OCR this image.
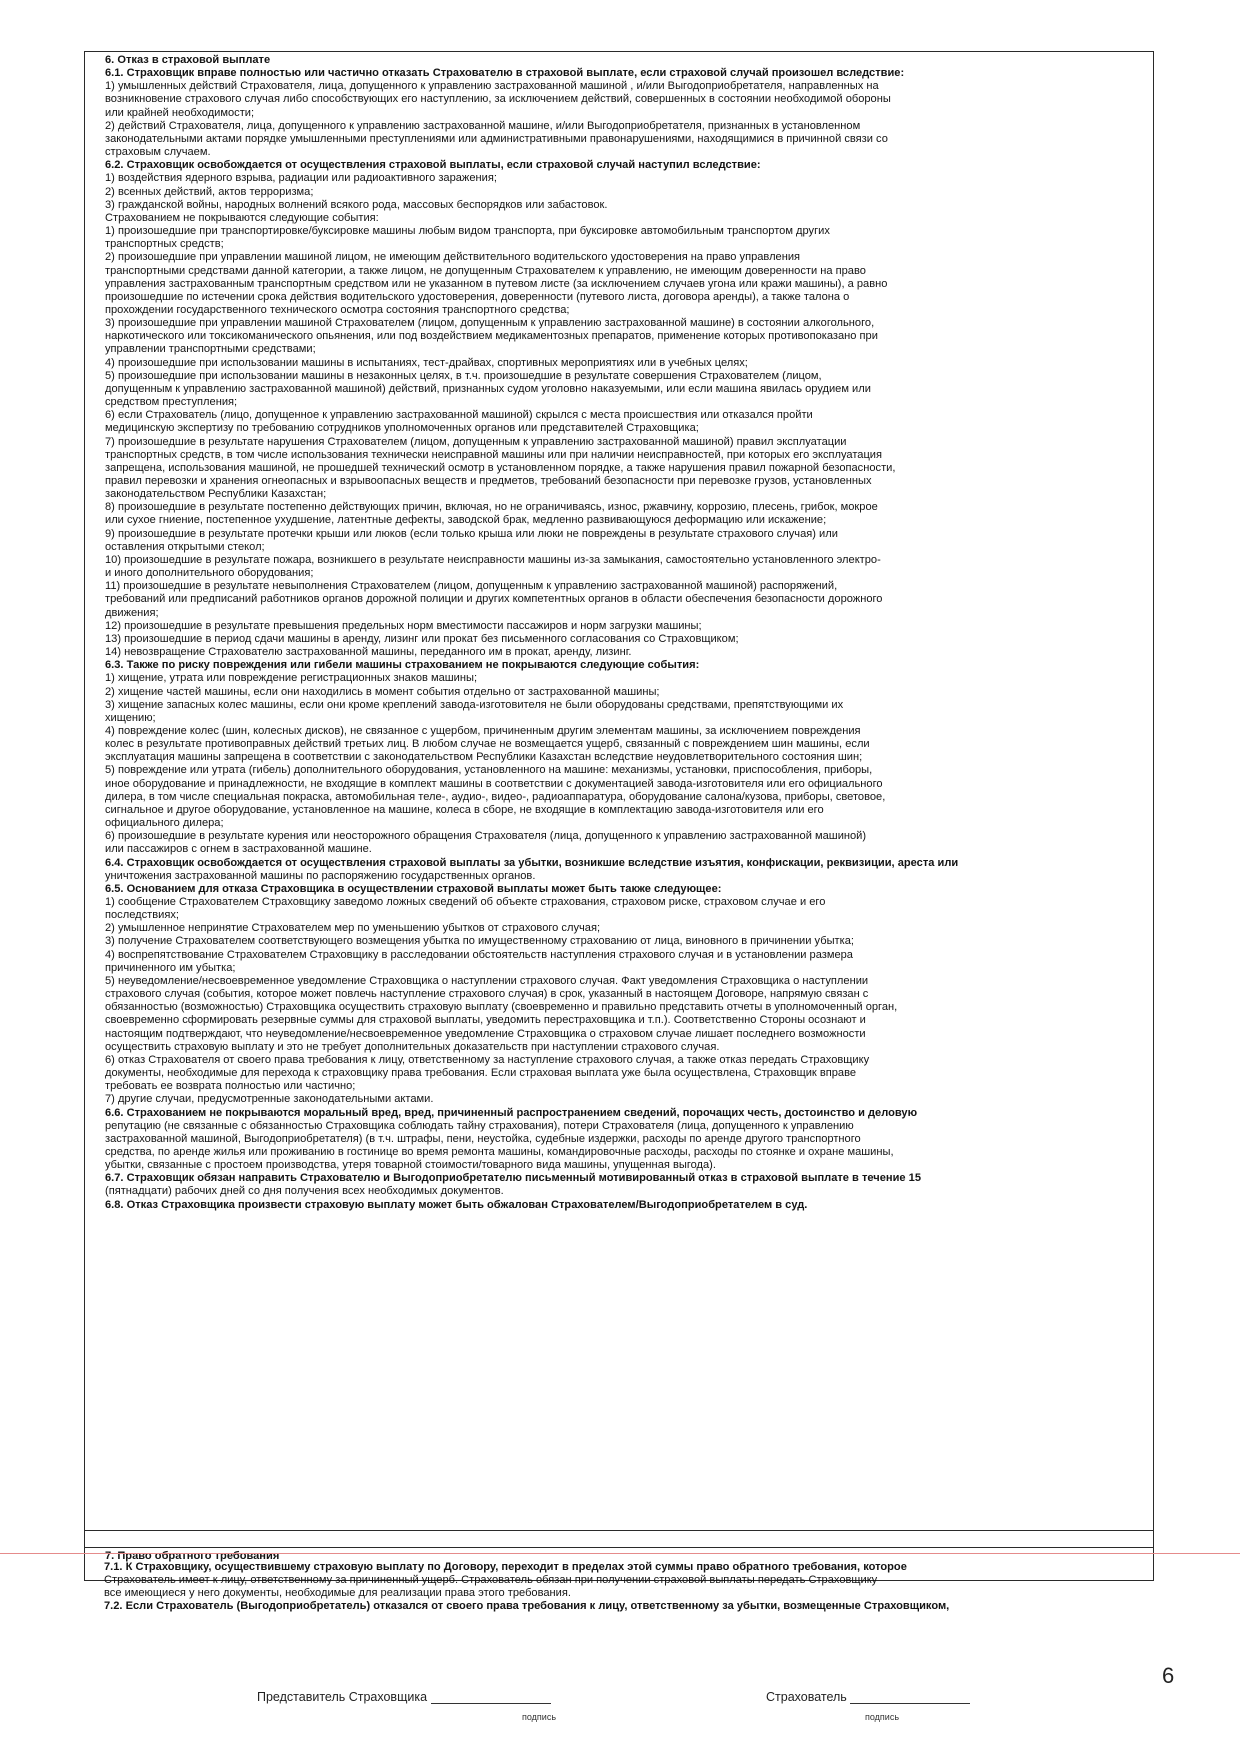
6. Отказ в страховой выплате
6.1. Страховщик вправе полностью или частично отказать Страхователю в страховой выплате, если страховой случай произошел вследствие:
1) умышленных действий Страхователя, лица, допущенного к управлению застрахованной машиной , и/или Выгодоприобретателя, направленных на
возникновение страхового случая либо способствующих его наступлению, за исключением действий, совершенных в состоянии необходимой обороны
или крайней необходимости;
2) действий Страхователя, лица, допущенного к управлению застрахованной машине, и/или Выгодоприобретателя, признанных в установленном
законодательными актами порядке умышленными преступлениями или административными правонарушениями, находящимися в причинной связи со
страховым случаем.
6.2. Страховщик освобождается от осуществления страховой выплаты, если страховой случай наступил вследствие:
1) воздействия ядерного взрыва, радиации или радиоактивного заражения;
2) всенных действий, актов терроризма;
3) гражданской войны, народных волнений всякого рода, массовых беспорядков или забастовок.
Страхованием не покрываются следующие события:
1) произошедшие при транспортировке/буксировке машины любым видом транспорта, при буксировке автомобильным транспортом других
транспортных средств;
2) произошедшие при управлении машиной лицом, не имеющим действительного водительского удостоверения на право управления
транспортными средствами данной категории, а также лицом, не допущенным Страхователем к управлению, не имеющим доверенности на право
управления застрахованным транспортным средством или не указанном в путевом листе (за исключением случаев угона или кражи машины), а равно
произошедшие по истечении срока действия водительского удостоверения, доверенности (путевого листа, договора аренды), а также талона о
прохождении государственного технического осмотра состояния транспортного средства;
3) произошедшие при управлении машиной Страхователем (лицом, допущенным к управлению застрахованной машине) в состоянии алкогольного,
наркотического или токсикоманического опьянения, или под воздействием медикаментозных препаратов, применение которых противопоказано при
управлении транспортными средствами;
4) произошедшие при использовании машины в испытаниях, тест-драйвах, спортивных мероприятиях или в учебных целях;
5) произошедшие при использовании машины в незаконных целях, в т.ч. произошедшие в результате совершения Страхователем (лицом,
допущенным к управлению застрахованной машиной) действий, признанных судом уголовно наказуемыми, или если машина явилась орудием или
средством преступления;
6) если Страхователь (лицо, допущенное к управлению застрахованной машиной) скрылся с места происшествия или отказался пройти
медицинскую экспертизу по требованию сотрудников уполномоченных органов или представителей Страховщика;
7) произошедшие в результате нарушения Страхователем (лицом, допущенным к управлению застрахованной машиной) правил эксплуатации
транспортных средств, в том числе использования технически неисправной машины или при наличии неисправностей, при которых его эксплуатация
запрещена, использования машиной, не прошедшей технический осмотр в установленном порядке, а также нарушения правил пожарной безопасности,
правил перевозки и хранения огнеопасных и взрывоопасных веществ и предметов, требований безопасности при перевозке грузов, установленных
законодательством Республики Казахстан;
8) произошедшие в результате постепенно действующих причин, включая, но не ограничиваясь, износ, ржавчину, коррозию, плесень, грибок, мокрое
или сухое гниение, постепенное ухудшение, латентные дефекты, заводской брак, медленно развивающуюся деформацию или искажение;
9) произошедшие в результате протечки крыши или люков (если только крыша или люки не повреждены в результате страхового случая) или
оставления открытыми стекол;
10) произошедшие в результате пожара, возникшего в результате неисправности машины из-за замыкания, самостоятельно установленного электро-
и иного дополнительного оборудования;
11) произошедшие в результате невыполнения Страхователем (лицом, допущенным к управлению застрахованной машиной) распоряжений,
требований или предписаний работников органов дорожной полиции и других компетентных органов в области обеспечения безопасности дорожного
движения;
12) произошедшие в результате превышения предельных норм вместимости пассажиров и норм загрузки машины;
13) произошедшие в период сдачи машины в аренду, лизинг или прокат без письменного согласования со Страховщиком;
14) невозвращение Страхователю застрахованной машины, переданного им в прокат, аренду, лизинг.
6.3. Также по риску повреждения или гибели машины страхованием не покрываются следующие события:
1) хищение, утрата или повреждение регистрационных знаков машины;
2) хищение частей машины, если они находились в момент события отдельно от застрахованной машины;
3) хищение запасных колес машины, если они кроме креплений завода-изготовителя не были оборудованы средствами, препятствующими их
хищению;
4) повреждение колес (шин, колесных дисков), не связанное с ущербом, причиненным другим элементам машины, за исключением повреждения
колес в результате противоправных действий третьих лиц. В любом случае не возмещается ущерб, связанный с повреждением шин машины, если
эксплуатация машины запрещена в соответствии с законодательством Республики Казахстан вследствие неудовлетворительного состояния шин;
5) повреждение или утрата (гибель) дополнительного оборудования, установленного на машине: механизмы, установки, приспособления, приборы,
иное оборудование и принадлежности, не входящие в комплект машины в соответствии с документацией завода-изготовителя или его официального
дилера, в том числе специальная покраска, автомобильная теле-, аудио-, видео-, радиоаппаратура, оборудование салона/кузова, приборы, световое,
сигнальное и другое оборудование, установленное на машине, колеса в сборе, не входящие в комплектацию завода-изготовителя или его
официального дилера;
6) произошедшие в результате курения или неосторожного обращения Страхователя (лица, допущенного к управлению застрахованной машиной)
или пассажиров с огнем в застрахованной машине.
6.4. Страховщик освобождается от осуществления страховой выплаты за убытки, возникшие вследствие изъятия, конфискации, реквизиции, ареста или
уничтожения застрахованной машины по распоряжению государственных органов.
6.5. Основанием для отказа Страховщика в осуществлении страховой выплаты может быть также следующее:
1) сообщение Страхователем Страховщику заведомо ложных сведений об объекте страхования, страховом риске, страховом случае и его
последствиях;
2) умышленное непринятие Страхователем мер по уменьшению убытков от страхового случая;
3) получение Страхователем соответствующего возмещения убытка по имущественному страхованию от лица, виновного в причинении убытка;
4) воспрепятствование Страхователем Страховщику в расследовании обстоятельств наступления страхового случая и в установлении размера
причиненного им убытка;
5) неуведомление/несвоевременное уведомление Страховщика о наступлении страхового случая. Факт уведомления Страховщика о наступлении
страхового случая (события, которое может повлечь наступление страхового случая) в срок, указанный в настоящем Договоре, напрямую связан с
обязанностью (возможностью) Страховщика осуществить страховую выплату (своевременно и правильно представить отчеты в уполномоченный орган,
своевременно сформировать резервные суммы для страховой выплаты, уведомить перестраховщика и т.п.). Соответственно Стороны осознают и
настоящим подтверждают, что неуведомление/несвоевременное уведомление Страховщика о страховом случае лишает последнего возможности
осуществить страховую выплату и это не требует дополнительных доказательств при наступлении страхового случая.
6) отказ Страхователя от своего права требования к лицу, ответственному за наступление страхового случая, а также отказ передать Страховщику
документы, необходимые для перехода к страховщику права требования. Если страховая выплата уже была осуществлена, Страховщик вправе
требовать ее возврата полностью или частично;
7) другие случаи, предусмотренные законодательными актами.
6.6. Страхованием не покрываются моральный вред, вред, причиненный распространением сведений, порочащих честь, достоинство и деловую
репутацию (не связанные с обязанностью Страховщика соблюдать тайну страхования), потери Страхователя (лица, допущенного к управлению
застрахованной машиной, Выгодоприобретателя) (в т.ч. штрафы, пени, неустойка, судебные издержки, расходы по аренде другого транспортного
средства, по аренде жилья или проживанию в гостинице во время ремонта машины, командировочные расходы, расходы по стоянке и охране машины,
убытки, связанные с простоем производства, утеря товарной стоимости/товарного вида машины, упущенная выгода).
6.7. Страховщик обязан направить Страхователю и Выгодоприобретателю письменный мотивированный отказ в страховой выплате в течение 15
(пятнадцати) рабочих дней со дня получения всех необходимых документов.
6.8. Отказ Страховщика произвести страховую выплату может быть обжалован Страхователем/Выгодоприобретателем в суд.
7. Право обратного требования
7.1. К Страховщику, осуществившему страховую выплату по Договору, переходит в пределах этой суммы право обратного требования, которое
Страхователь имеет к лицу, ответственному за причиненный ущерб. Страхователь обязан при получении страховой выплаты передать Страховщику
все имеющиеся у него документы, необходимые для реализации права этого требования.
7.2. Если Страхователь (Выгодоприобретатель) отказался от своего права требования к лицу, ответственному за убытки, возмещенные Страховщиком,
6
Представитель Страховщика
подпись
Страхователь
подпись
